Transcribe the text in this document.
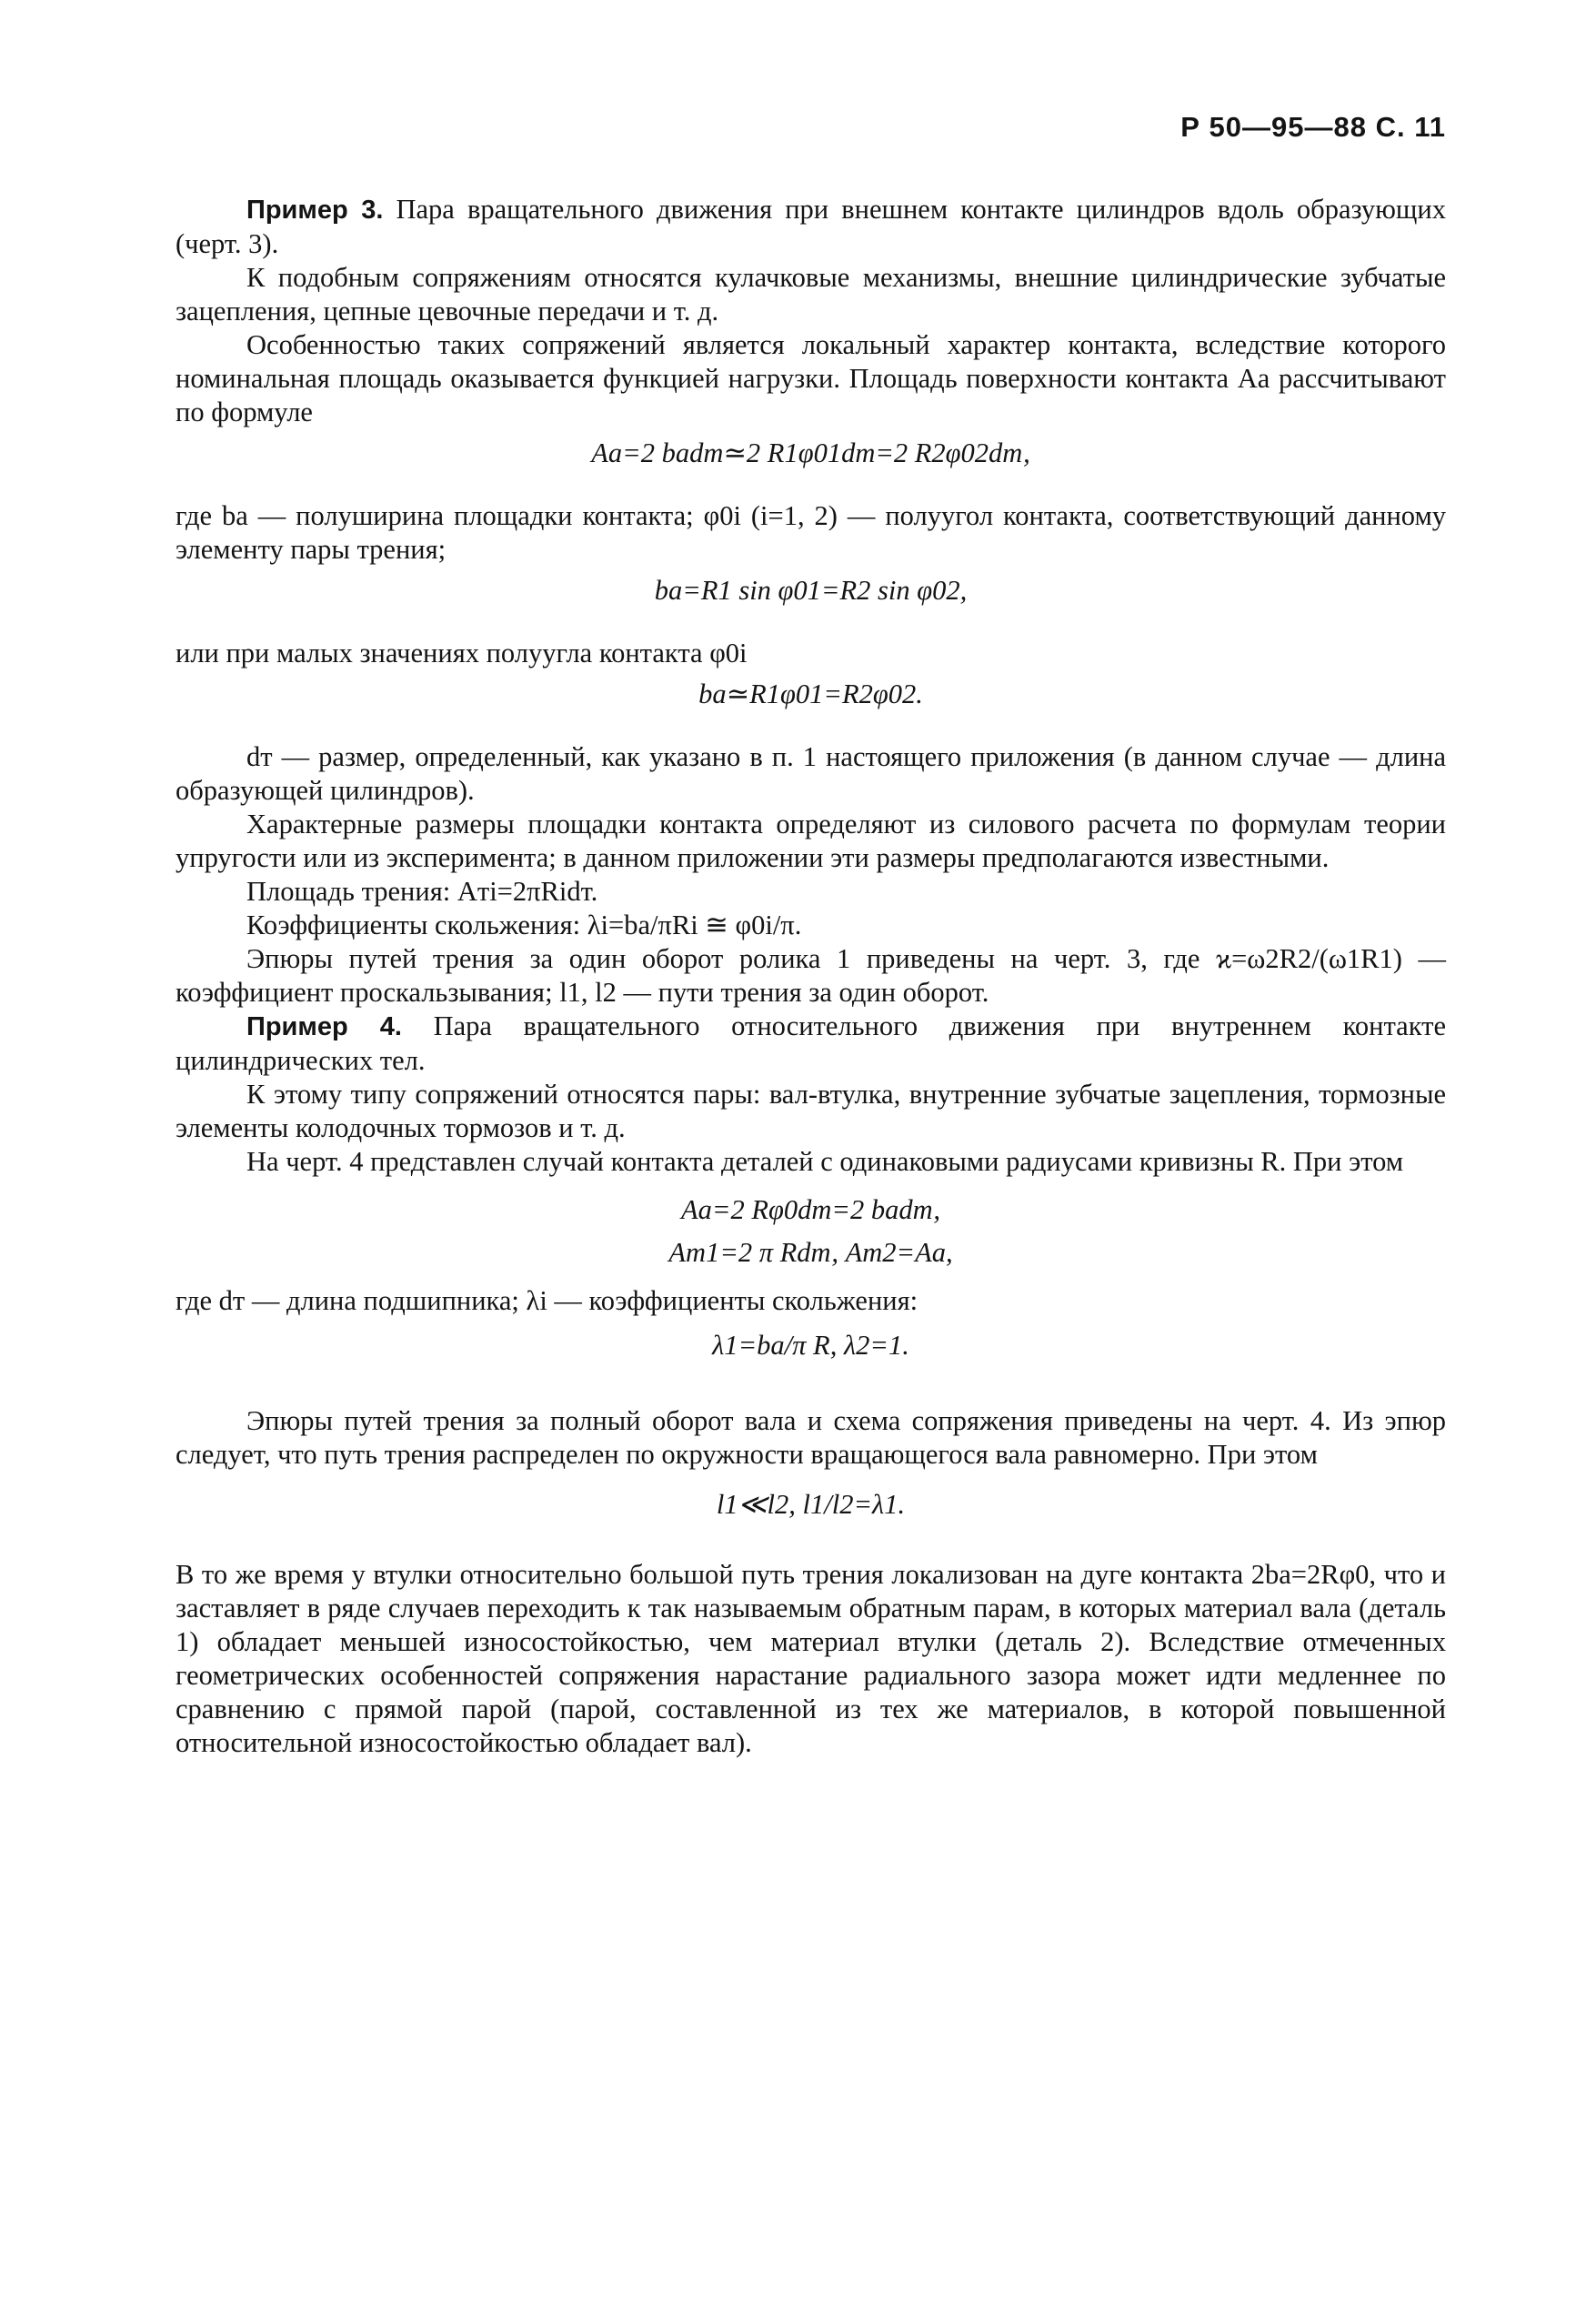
Р 50—95—88 С. 11

Пример 3. Пара вращательного движения при внешнем контакте цилиндров вдоль образующих (черт. 3).

К подобным сопряжениям относятся кулачковые механизмы, внешние цилиндрические зубчатые зацепления, цепные цевочные передачи и т. д.

Особенностью таких сопряжений является локальный характер контакта, вследствие которого номинальная площадь оказывается функцией нагрузки. Площадь поверхности контакта Aа рассчитывают по формуле

Aа=2 bаdт≃2 R1φ01dт=2 R2φ02dт,

где bа — полуширина площадки контакта; φ0i (i=1, 2) — полуугол контакта, соответствующий данному элементу пары трения;

bа=R1 sin φ01=R2 sin φ02,

или при малых значениях полуугла контакта φ0i

bа≃R1φ01=R2φ02.

dт — размер, определенный, как указано в п. 1 настоящего приложения (в данном случае — длина образующей цилиндров).

Характерные размеры площадки контакта определяют из силового расчета по формулам теории упругости или из эксперимента; в данном приложении эти размеры предполагаются известными.

Площадь трения: Aтi=2πRidт.

Коэффициенты скольжения: λi=bа/πRi ≅ φ0i/π.

Эпюры путей трения за один оборот ролика 1 приведены на черт. 3, где ϰ=ω2R2/(ω1R1) — коэффициент проскальзывания; l1, l2 — пути трения за один оборот.

Пример 4. Пара вращательного относительного движения при внутреннем контакте цилиндрических тел.

К этому типу сопряжений относятся пары: вал-втулка, внутренние зубчатые зацепления, тормозные элементы колодочных тормозов и т. д.

На черт. 4 представлен случай контакта деталей с одинаковыми радиусами кривизны R. При этом

Aа=2 Rφ0dт=2 bаdт,
Aт1=2 π Rdт, Aт2=Aа,

где dт — длина подшипника; λi — коэффициенты скольжения:

λ1=bа/π R, λ2=1.

Эпюры путей трения за полный оборот вала и схема сопряжения приведены на черт. 4. Из эпюр следует, что путь трения распределен по окружности вращающегося вала равномерно. При этом

l1≪l2, l1/l2=λ1.

В то же время у втулки относительно большой путь трения локализован на дуге контакта 2bа=2Rφ0, что и заставляет в ряде случаев переходить к так называемым обратным парам, в которых материал вала (деталь 1) обладает меньшей износостойкостью, чем материал втулки (деталь 2). Вследствие отмеченных геометрических особенностей сопряжения нарастание радиального зазора может идти медленнее по сравнению с прямой парой (парой, составленной из тех же материалов, в которой повышенной относительной износостойкостью обладает вал).
